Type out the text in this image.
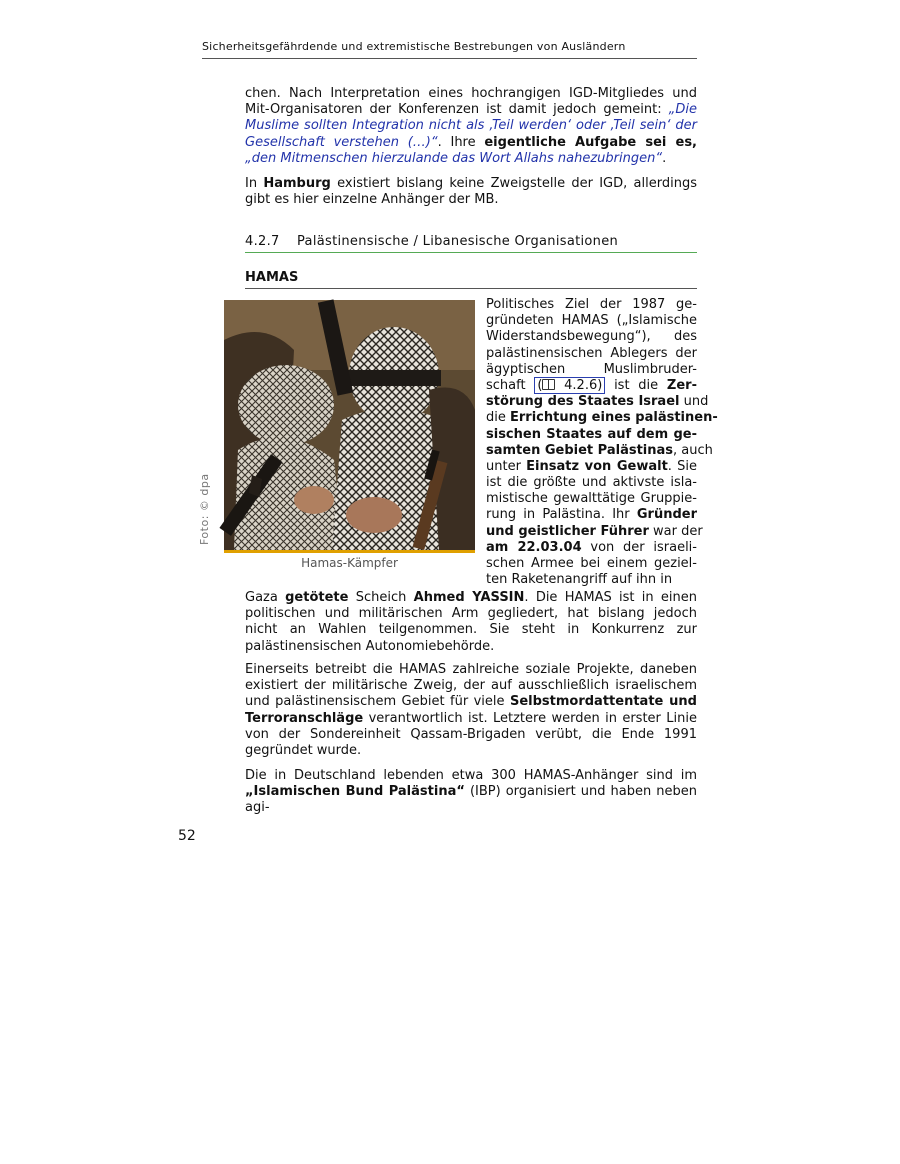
Sicherheitsgefährdende und extremistische Bestrebungen von Ausländern

chen. Nach Interpretation eines hochrangigen IGD-Mitgliedes und Mit-Organisatoren der Konferenzen ist damit jedoch gemeint: „Die Muslime sollten Integration nicht als ‚Teil werden‘ oder ‚Teil sein‘ der Gesellschaft verstehen (…)“. Ihre eigentliche Aufgabe sei es, „den Mitmenschen hierzulande das Wort Allahs nahezubringen“.

In Hamburg existiert bislang keine Zweigstelle der IGD, allerdings gibt es hier einzelne Anhänger der MB.

4.2.7 Palästinensische / Libanesische Organisationen
HAMAS
Hamas-Kämpfer
Foto: © dpa
Politisches Ziel der 1987 ge-
gründeten HAMAS („Islamische
Widerstandsbewegung“), des
palästinensischen Ablegers der
ägyptischen Muslimbruder-
schaft ( 4.2.6) ist die Zer-
störung des Staates Israel und
die Errichtung eines palästinen-
sischen Staates auf dem ge-
samten Gebiet Palästinas, auch
unter Einsatz von Gewalt. Sie
ist die größte und aktivste isla-
mistische gewalttätige Gruppie-
rung in Palästina. Ihr Gründer
und geistlicher Führer war der
am 22.03.04 von der israeli-
schen Armee bei einem geziel-
ten Raketenangriff auf ihn in

Gaza getötete Scheich Ahmed YASSIN. Die HAMAS ist in einen politischen und militärischen Arm gegliedert, hat bislang jedoch nicht an Wahlen teilgenommen. Sie steht in Konkurrenz zur palästinensischen Autonomiebehörde.

Einerseits betreibt die HAMAS zahlreiche soziale Projekte, daneben existiert der militärische Zweig, der auf ausschließlich israelischem und palästinensischem Gebiet für viele Selbstmordattentate und Terroranschläge verantwortlich ist. Letztere werden in erster Linie von der Sondereinheit Qassam-Brigaden verübt, die Ende 1991 gegründet wurde.

Die in Deutschland lebenden etwa 300 HAMAS-Anhänger sind im „Islamischen Bund Palästina“ (IBP) organisiert und haben neben agi-

52
